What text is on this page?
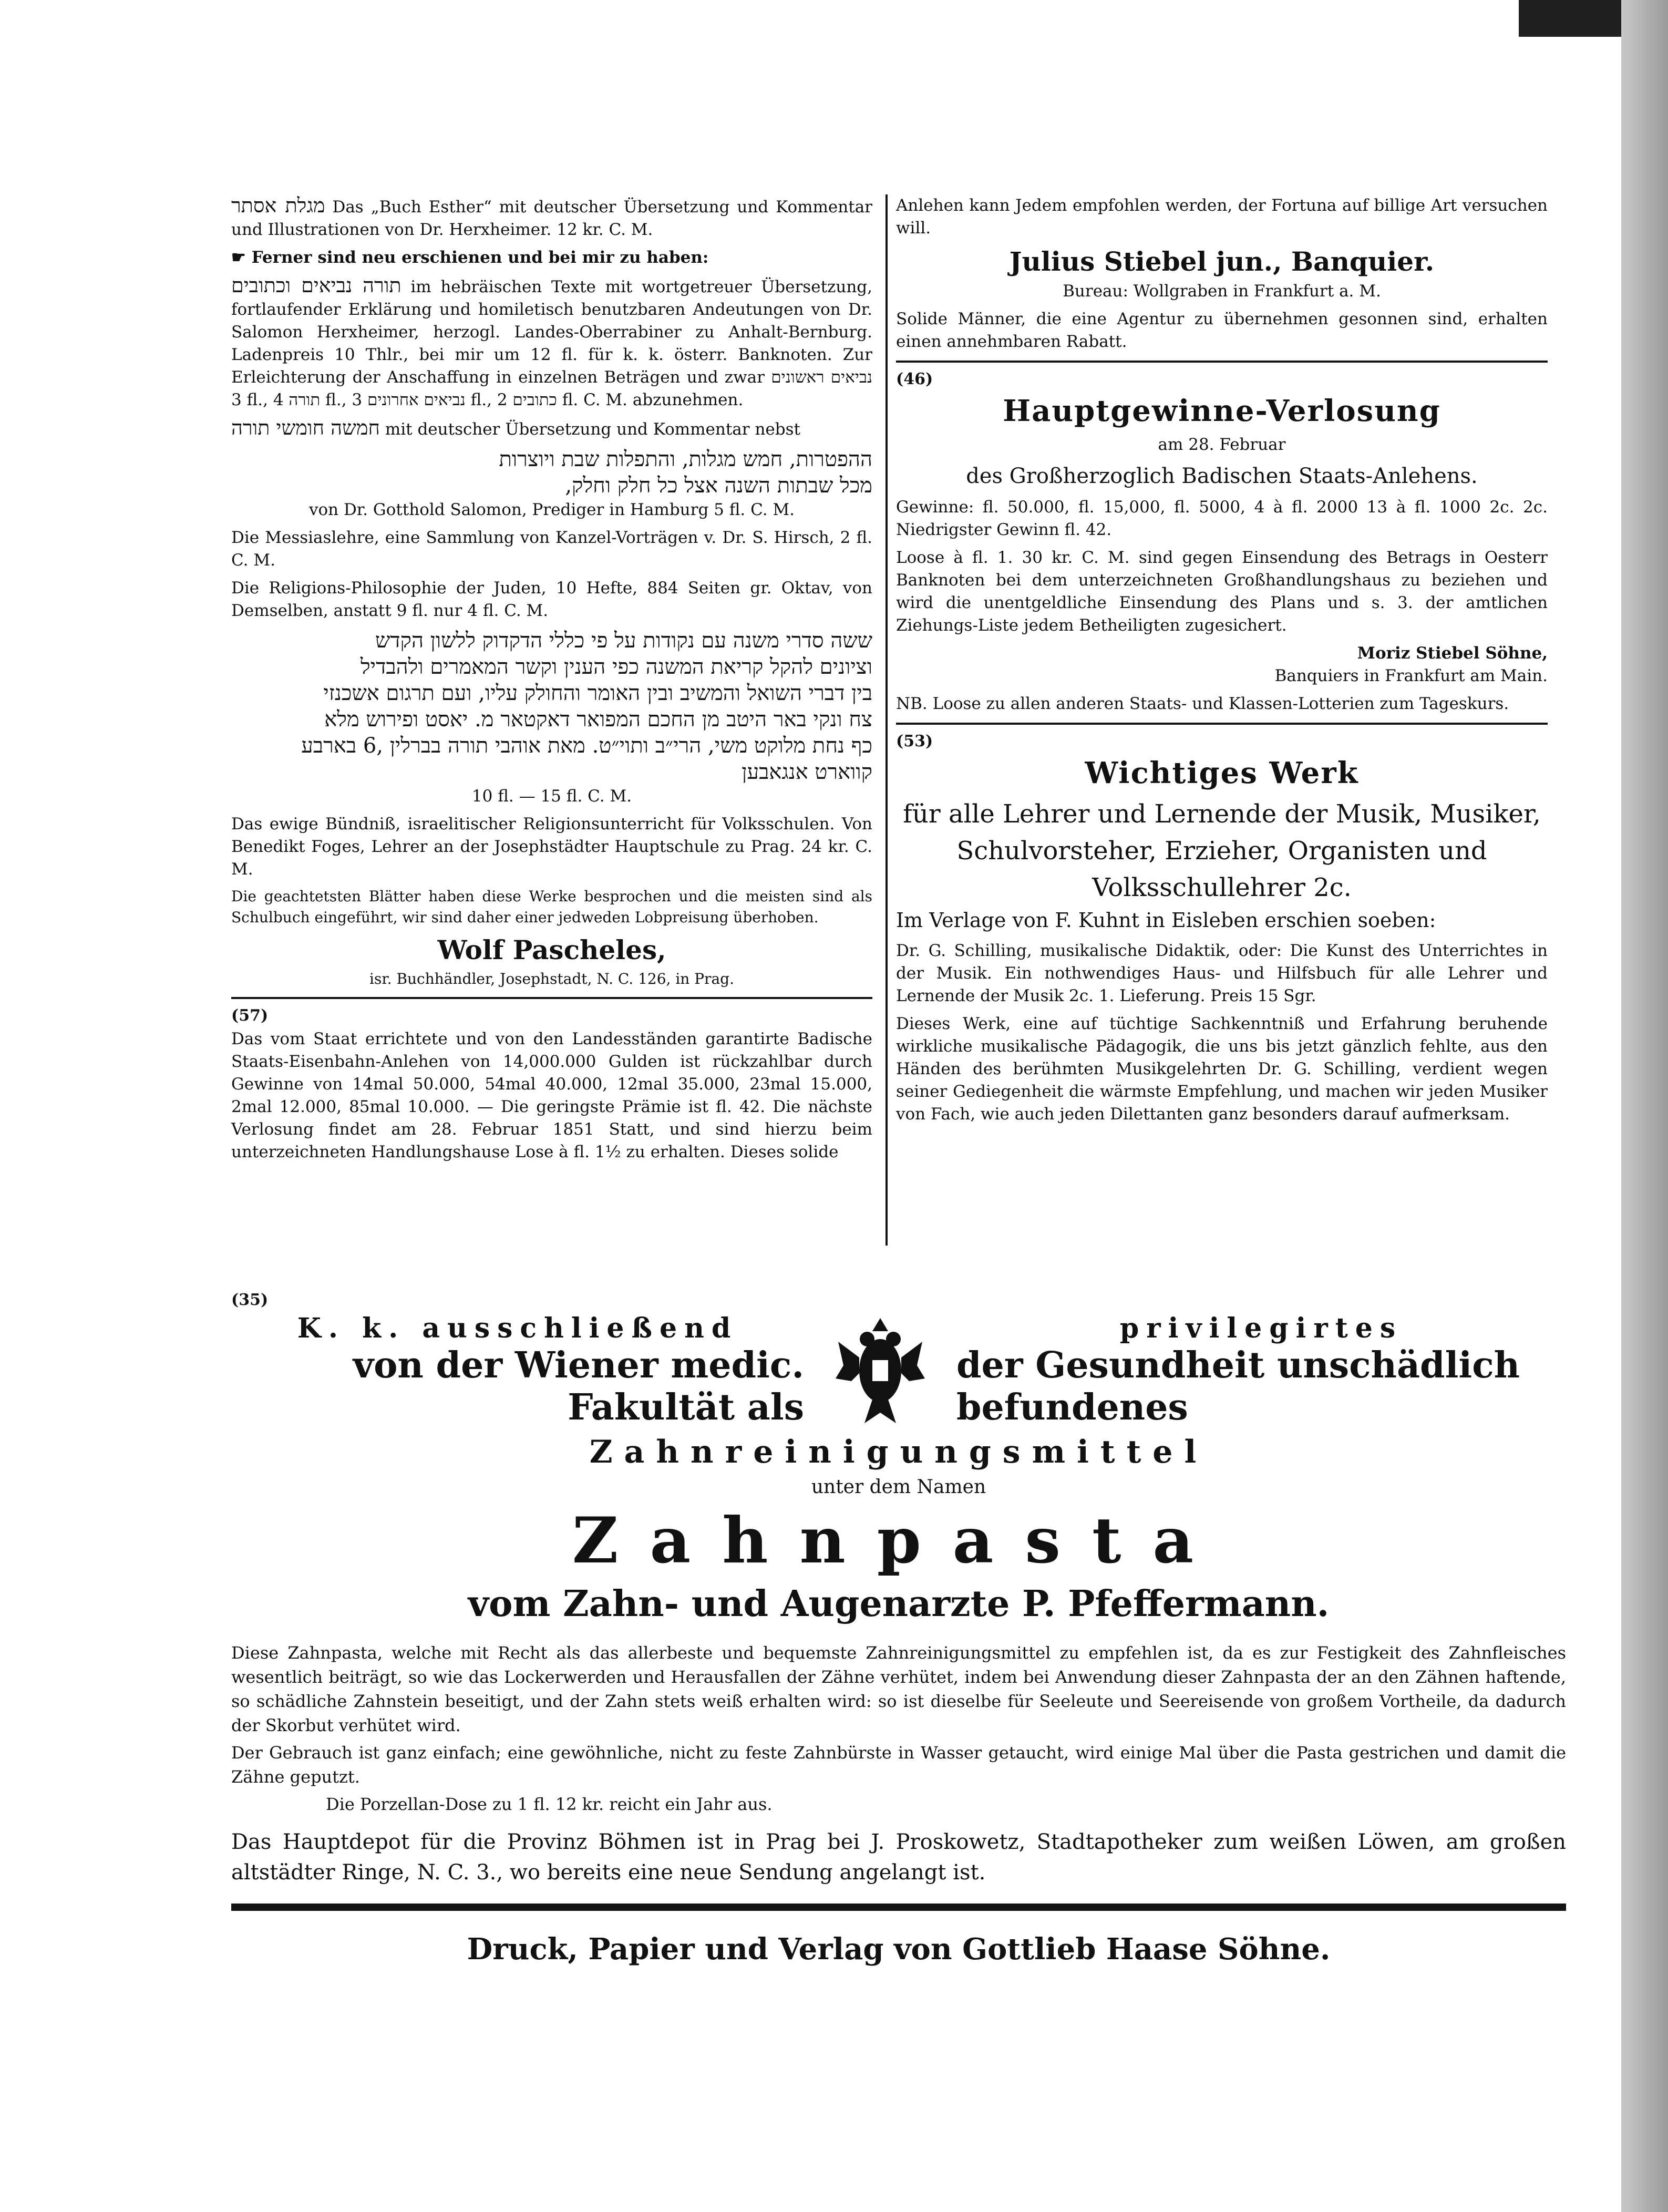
מגלת אסתר Das „Buch Esther“ mit deutscher Übersetzung und Kommentar und Illustrationen von Dr. Herxheimer. 12 kr. C. M.

☛ Ferner sind neu erschienen und bei mir zu haben:

תורה נביאים וכתובים im hebräischen Texte mit wortgetreuer Übersetzung, fortlaufender Erklärung und homiletisch benutzbaren Andeutungen von Dr. Salomon Herxheimer, herzogl. Landes-Oberrabiner zu Anhalt-Bernburg. Ladenpreis 10 Thlr., bei mir um 12 fl. für k. k. österr. Banknoten. Zur Erleichterung der Anschaffung in einzelnen Beträgen und zwar נביאים ראשונים 3 fl., תורה 4 fl., נביאים אחרונים 3 fl., כתובים 2 fl. C. M. abzunehmen.

חמשה חומשי תורה mit deutscher Übersetzung und Kommentar nebst

ההפטרות, חמש מגלות, והתפלות שבת ויוצרות

מכל שבתות השנה אצל כל חלק וחלק,

von Dr. Gotthold Salomon, Prediger in Hamburg 5 fl. C. M.

Die Messiaslehre, eine Sammlung von Kanzel-Vorträgen v. Dr. S. Hirsch, 2 fl. C. M.

Die Religions-Philosophie der Juden, 10 Hefte, 884 Seiten gr. Oktav, von Demselben, anstatt 9 fl. nur 4 fl. C. M.

ששה סדרי משנה עם נקודות על פי כללי הדקדוק ללשון הקדש

וציונים להקל קריאת המשנה כפי הענין וקשר המאמרים ולהבדיל

בין דברי השואל והמשיב ובין האומר והחולק עליו, ועם תרגום אשכנזי

צח ונקי באר היטב מן החכם המפואר דאקטאר מ. יאסט ופירוש מלא

כף נחת מלוקט משי, הרי״ב ותוי״ט. מאת אוהבי תורה בברלין ,6 בארבע

קווארט אנגאבען

10 fl. — 15 fl. C. M.

Das ewige Bündniß, israelitischer Religionsunterricht für Volksschulen. Von Benedikt Foges, Lehrer an der Josephstädter Hauptschule zu Prag. 24 kr. C. M.

Die geachtetsten Blätter haben diese Werke besprochen und die meisten sind als Schulbuch eingeführt, wir sind daher einer jedweden Lobpreisung überhoben.

Wolf Pascheles,

isr. Buchhändler, Josephstadt, N. C. 126, in Prag.

(57)

Das vom Staat errichtete und von den Landesständen garantirte Badische Staats-Eisenbahn-Anlehen von 14,000.000 Gulden ist rückzahlbar durch Gewinne von 14mal 50.000, 54mal 40.000, 12mal 35.000, 23mal 15.000, 2mal 12.000, 85mal 10.000. — Die geringste Prämie ist fl. 42. Die nächste Verlosung findet am 28. Februar 1851 Statt, und sind hierzu beim unterzeichneten Handlungshause Lose à fl. 1½ zu erhalten. Dieses solide

Anlehen kann Jedem empfohlen werden, der Fortuna auf billige Art versuchen will.

Julius Stiebel jun., Banquier.

Bureau: Wollgraben in Frankfurt a. M.

Solide Männer, die eine Agentur zu übernehmen gesonnen sind, erhalten einen annehmbaren Rabatt.

(46)
Hauptgewinne-Verlosung

am 28. Februar

des Großherzoglich Badischen Staats-Anlehens.

Gewinne: fl. 50.000, fl. 15,000, fl. 5000, 4 à fl. 2000 13 à fl. 1000 2c. 2c. Niedrigster Gewinn fl. 42.

Loose à fl. 1. 30 kr. C. M. sind gegen Einsendung des Betrags in Oesterr Banknoten bei dem unterzeichneten Großhandlungshaus zu beziehen und wird die unentgeldliche Einsendung des Plans und s. 3. der amtlichen Ziehungs-Liste jedem Betheiligten zugesichert.

Moriz Stiebel Söhne,

Banquiers in Frankfurt am Main.

NB. Loose zu allen anderen Staats- und Klassen-Lotterien zum Tageskurs.

(53)
Wichtiges Werk

für alle Lehrer und Lernende der Musik, Musiker, Schulvorsteher, Erzieher, Organisten und Volksschullehrer 2c.

Im Verlage von F. Kuhnt in Eisleben erschien soeben:

Dr. G. Schilling, musikalische Didaktik, oder: Die Kunst des Unterrichtes in der Musik. Ein nothwendiges Haus- und Hilfsbuch für alle Lehrer und Lernende der Musik 2c. 1. Lieferung. Preis 15 Sgr.

Dieses Werk, eine auf tüchtige Sachkenntniß und Erfahrung beruhende wirkliche musikalische Pädagogik, die uns bis jetzt gänzlich fehlte, aus den Händen des berühmten Musikgelehrten Dr. G. Schilling, verdient wegen seiner Gediegenheit die wärmste Empfehlung, und machen wir jeden Musiker von Fach, wie auch jeden Dilettanten ganz besonders darauf aufmerksam.

(35)
K. k. ausschließend
von der Wiener medic. Fakultät als
privilegirtes
der Gesundheit unschädlich befundenes
Zahnreinigungsmittel

unter dem Namen

Zahnpasta
vom Zahn- und Augenarzte P. Pfeffermann.

Diese Zahnpasta, welche mit Recht als das allerbeste und bequemste Zahnreinigungsmittel zu empfehlen ist, da es zur Festigkeit des Zahnfleisches wesentlich beiträgt, so wie das Lockerwerden und Herausfallen der Zähne verhütet, indem bei Anwendung dieser Zahnpasta der an den Zähnen haftende, so schädliche Zahnstein beseitigt, und der Zahn stets weiß erhalten wird: so ist dieselbe für Seeleute und Seereisende von großem Vortheile, da dadurch der Skorbut verhütet wird.

Der Gebrauch ist ganz einfach; eine gewöhnliche, nicht zu feste Zahnbürste in Wasser getaucht, wird einige Mal über die Pasta gestrichen und damit die Zähne geputzt.

Die Porzellan-Dose zu 1 fl. 12 kr. reicht ein Jahr aus.

Das Hauptdepot für die Provinz Böhmen ist in Prag bei J. Proskowetz, Stadtapotheker zum weißen Löwen, am großen altstädter Ringe, N. C. 3., wo bereits eine neue Sendung angelangt ist.

Druck, Papier und Verlag von Gottlieb Haase Söhne.
